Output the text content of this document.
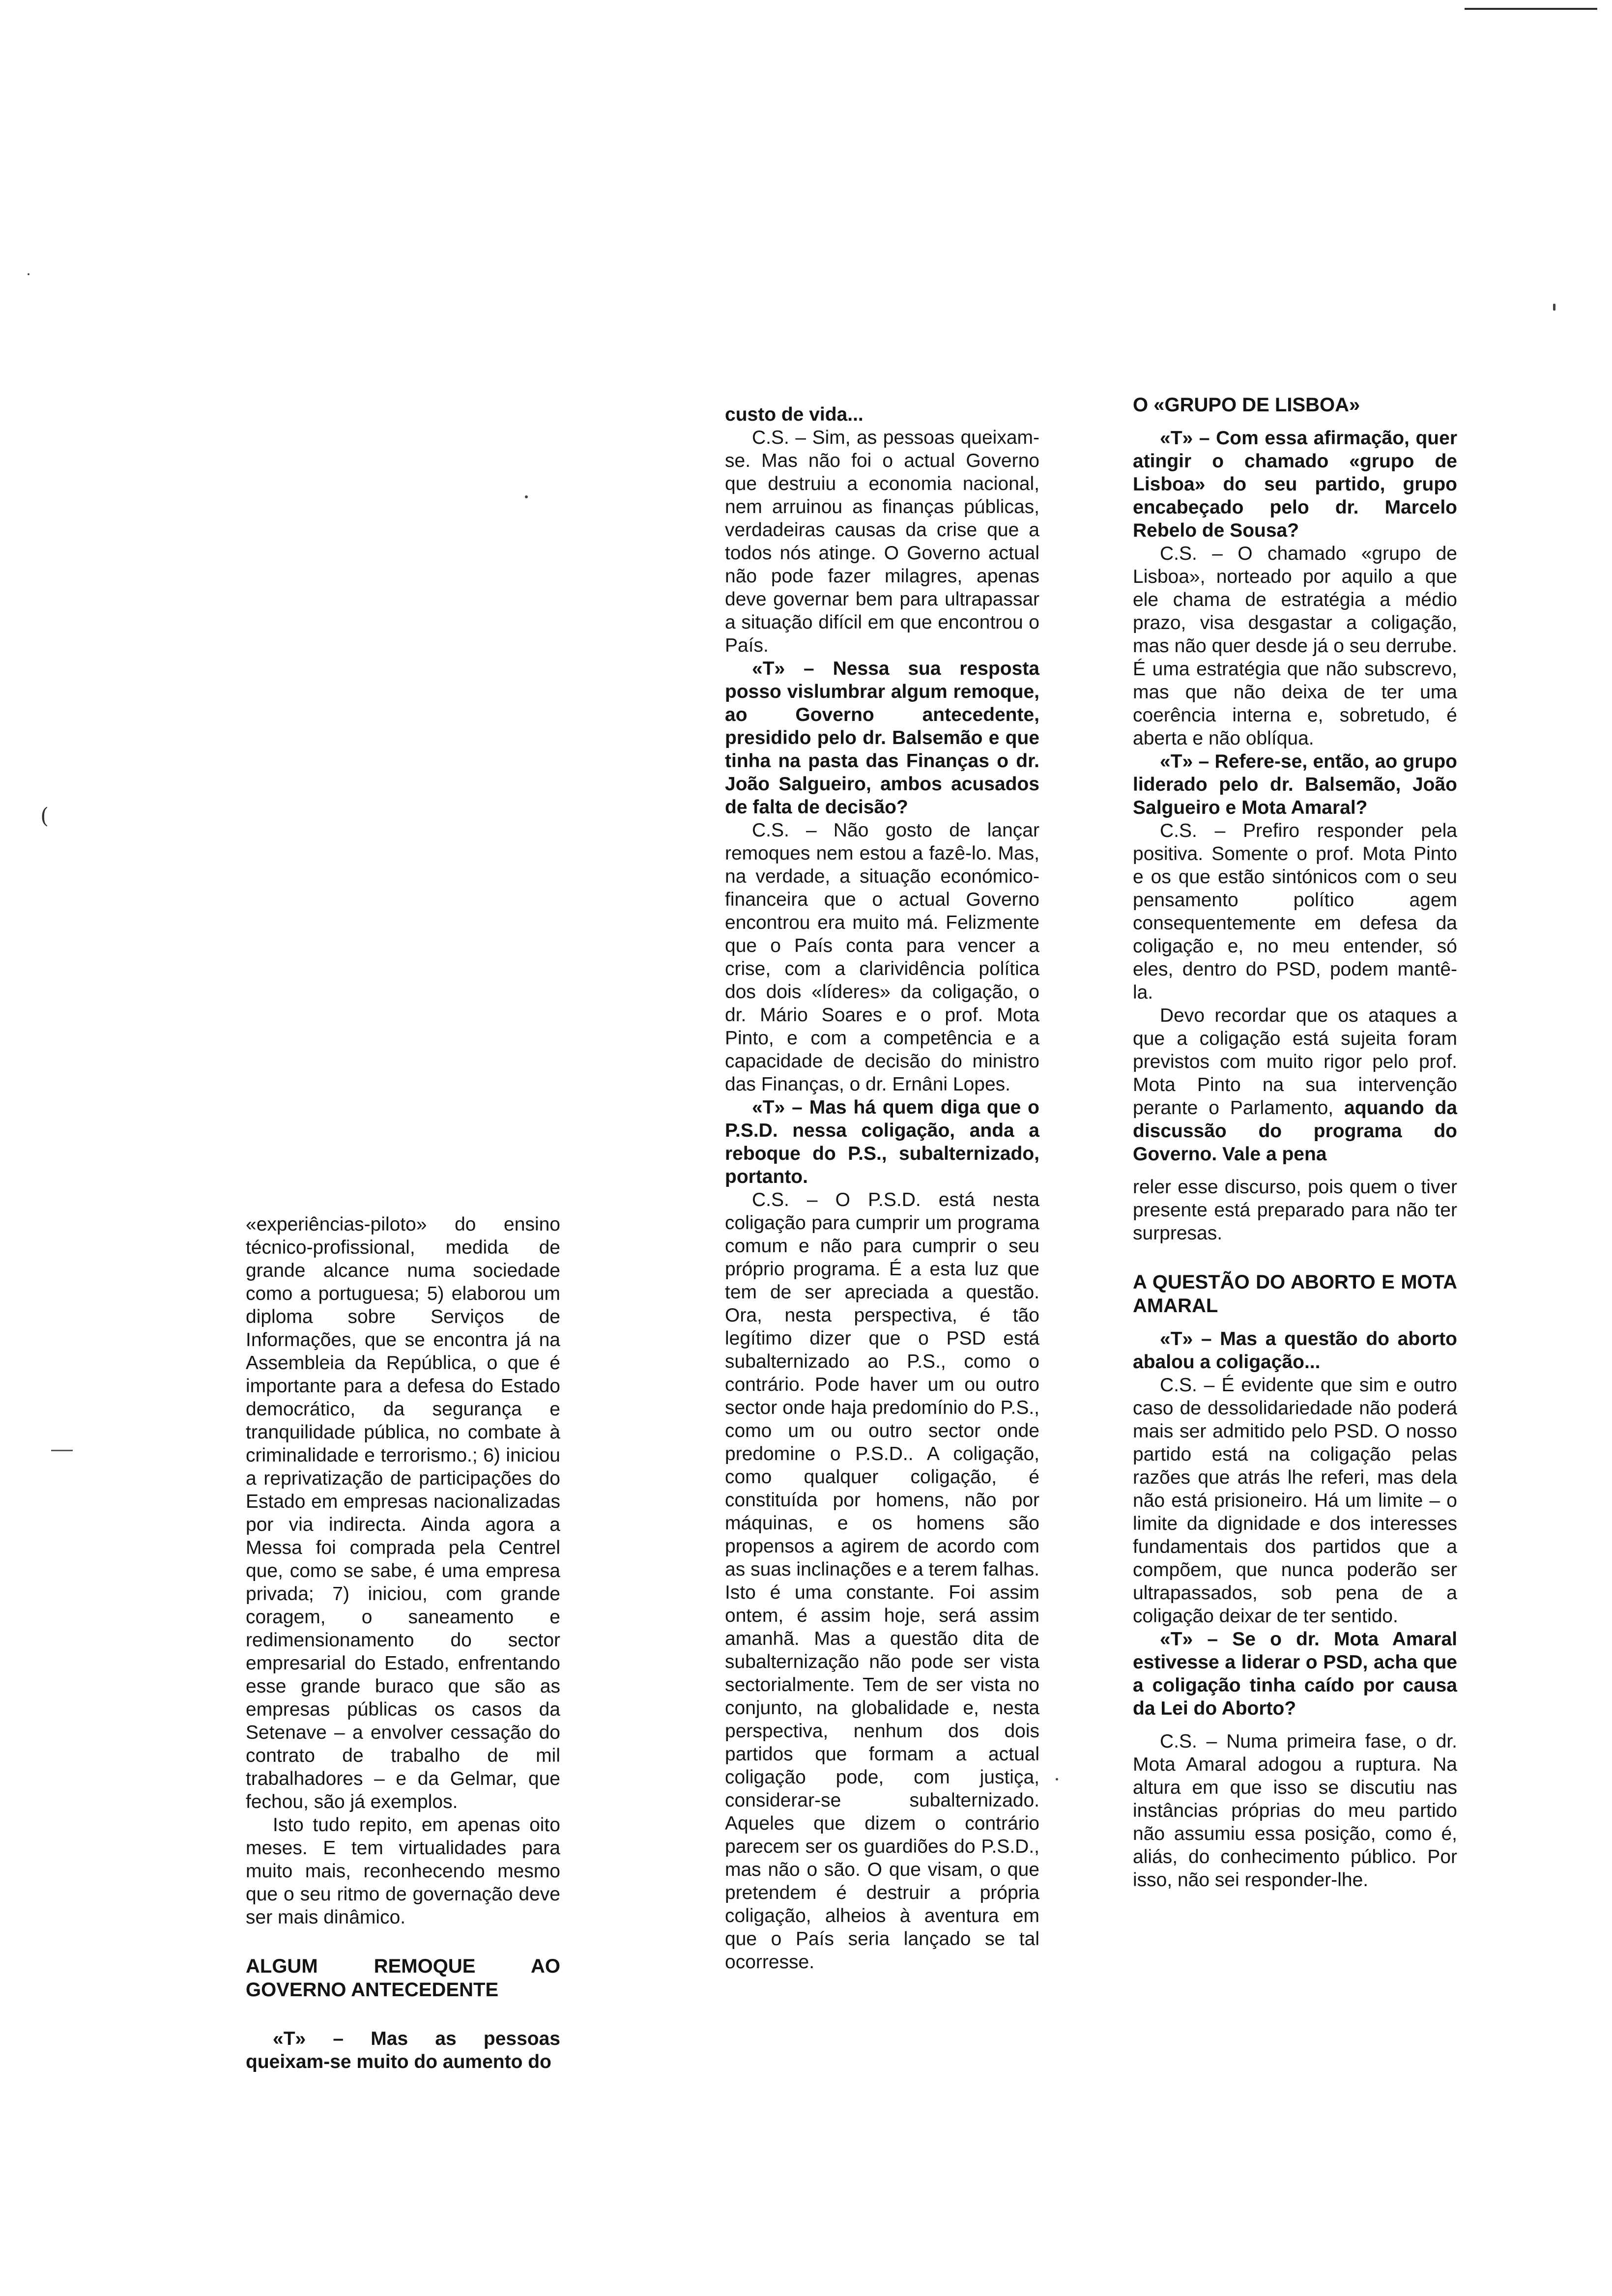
(

«experiências-piloto» do ensino técnico-profissional, medida de grande alcance numa sociedade como a portuguesa; 5) elaborou um diploma sobre Serviços de Informações, que se encontra já na Assembleia da República, o que é importante para a defesa do Estado democrático, da segurança e tranquilidade pública, no combate à criminalidade e terrorismo.; 6) iniciou a reprivatização de participações do Estado em empresas nacionalizadas por via indirecta. Ainda agora a Messa foi comprada pela Centrel que, como se sabe, é uma empresa privada; 7) iniciou, com grande coragem, o saneamento e redimensionamento do sector empresarial do Estado, enfrentando esse grande buraco que são as empresas públicas os casos da Setenave – a envolver cessação do contrato de trabalho de mil trabalhadores – e da Gelmar, que fechou, são já exemplos.

Isto tudo repito, em apenas oito meses. E tem virtualidades para muito mais, reconhecendo mesmo que o seu ritmo de governação deve ser mais dinâmico.

ALGUM REMOQUE AO GOVERNO ANTECEDENTE

«T» – Mas as pessoas queixam-se muito do aumento do

custo de vida...

C.S. – Sim, as pessoas queixam-se. Mas não foi o actual Governo que destruiu a economia nacional, nem arruinou as finanças públicas, verdadeiras causas da crise que a todos nós atinge. O Governo actual não pode fazer milagres, apenas deve governar bem para ultrapassar a situação difícil em que encontrou o País.

«T» – Nessa sua resposta posso vislumbrar algum remoque, ao Governo antecedente, presidido pelo dr. Balsemão e que tinha na pasta das Finanças o dr. João Salgueiro, ambos acusados de falta de decisão?

C.S. – Não gosto de lançar remoques nem estou a fazê-lo. Mas, na verdade, a situação económico-financeira que o actual Governo encontrou era muito má. Felizmente que o País conta para vencer a crise, com a clarividência política dos dois «líderes» da coligação, o dr. Mário Soares e o prof. Mota Pinto, e com a competência e a capacidade de decisão do ministro das Finanças, o dr. Ernâni Lopes.

«T» – Mas há quem diga que o P.S.D. nessa coligação, anda a reboque do P.S., subalternizado, portanto.

C.S. – O P.S.D. está nesta coligação para cumprir um programa comum e não para cumprir o seu próprio programa. É a esta luz que tem de ser apreciada a questão. Ora, nesta perspectiva, é tão legítimo dizer que o PSD está subalternizado ao P.S., como o contrário. Pode haver um ou outro sector onde haja predomínio do P.S., como um ou outro sector onde predomine o P.S.D.. A coligação, como qualquer coligação, é constituída por homens, não por máquinas, e os homens são propensos a agirem de acordo com as suas inclinações e a terem falhas. Isto é uma constante. Foi assim ontem, é assim hoje, será assim amanhã. Mas a questão dita de subalternização não pode ser vista sectorialmente. Tem de ser vista no conjunto, na globalidade e, nesta perspectiva, nenhum dos dois partidos que formam a actual coligação pode, com justiça, considerar-se subalternizado. Aqueles que dizem o contrário parecem ser os guardiões do P.S.D., mas não o são. O que visam, o que pretendem é destruir a própria coligação, alheios à aventura em que o País seria lançado se tal ocorresse.

O «GRUPO DE LISBOA»

«T» – Com essa afirmação, quer atingir o chamado «grupo de Lisboa» do seu partido, grupo encabeçado pelo dr. Marcelo Rebelo de Sousa?

C.S. – O chamado «grupo de Lisboa», norteado por aquilo a que ele chama de estratégia a médio prazo, visa desgastar a coligação, mas não quer desde já o seu derrube. É uma estratégia que não subscrevo, mas que não deixa de ter uma coerência interna e, sobretudo, é aberta e não oblíqua.

«T» – Refere-se, então, ao grupo liderado pelo dr. Balsemão, João Salgueiro e Mota Amaral?

C.S. – Prefiro responder pela positiva. Somente o prof. Mota Pinto e os que estão sintónicos com o seu pensamento político agem consequentemente em defesa da coligação e, no meu entender, só eles, dentro do PSD, podem mantê-la.

Devo recordar que os ataques a que a coligação está sujeita foram previstos com muito rigor pelo prof. Mota Pinto na sua intervenção perante o Parlamento, aquando da discussão do programa do Governo. Vale a pena

reler esse discurso, pois quem o tiver presente está preparado para não ter surpresas.

A QUESTÃO DO ABORTO E MOTA AMARAL

«T» – Mas a questão do aborto abalou a coligação...

C.S. – É evidente que sim e outro caso de dessolidariedade não poderá mais ser admitido pelo PSD. O nosso partido está na coligação pelas razões que atrás lhe referi, mas dela não está prisioneiro. Há um limite – o limite da dignidade e dos interesses fundamentais dos partidos que a compõem, que nunca poderão ser ultrapassados, sob pena de a coligação deixar de ter sentido.

«T» – Se o dr. Mota Amaral estivesse a liderar o PSD, acha que a coligação tinha caído por causa da Lei do Aborto?

C.S. – Numa primeira fase, o dr. Mota Amaral adogou a ruptura. Na altura em que isso se discutiu nas instâncias próprias do meu partido não assumiu essa posição, como é, aliás, do conhecimento público. Por isso, não sei responder-lhe.
